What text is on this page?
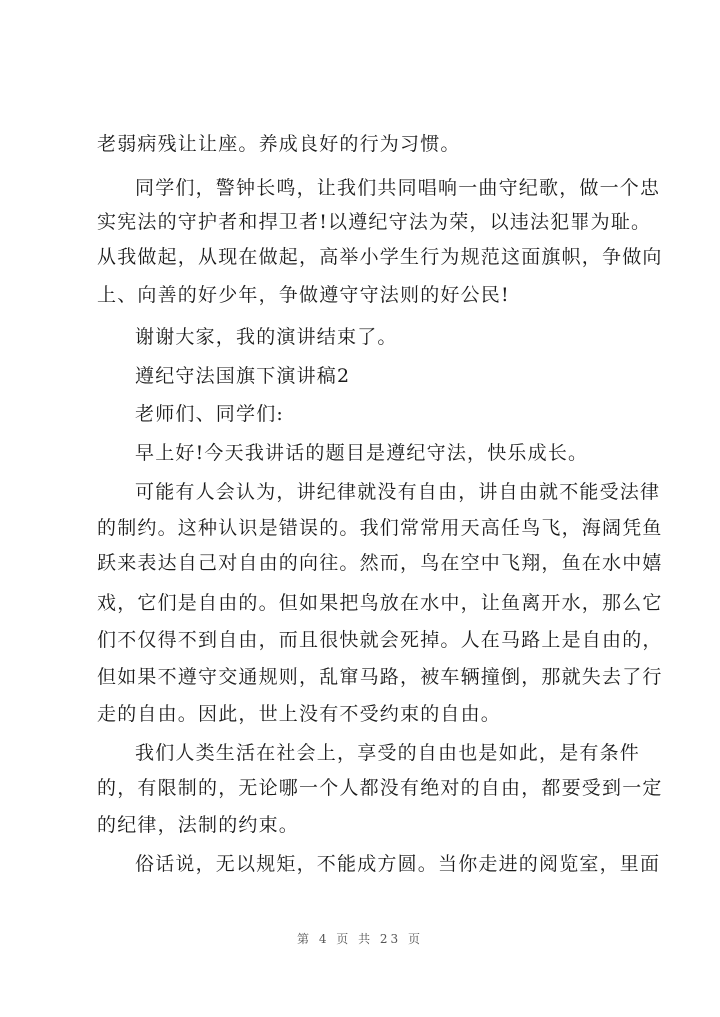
老弱病残让让座。养成良好的行为习惯。
同学们，警钟长鸣，让我们共同唱响一曲守纪歌，做一个忠
实宪法的守护者和捍卫者!以遵纪守法为荣，以违法犯罪为耻。
从我做起，从现在做起，高举小学生行为规范这面旗帜，争做向
上、向善的好少年，争做遵守守法则的好公民!
谢谢大家，我的演讲结束了。
遵纪守法国旗下演讲稿2
老师们、同学们:
早上好!今天我讲话的题目是遵纪守法，快乐成长。
可能有人会认为，讲纪律就没有自由，讲自由就不能受法律
的制约。这种认识是错误的。我们常常用天高任鸟飞，海阔凭鱼
跃来表达自己对自由的向往。然而，鸟在空中飞翔，鱼在水中嬉
戏，它们是自由的。但如果把鸟放在水中，让鱼离开水，那么它
们不仅得不到自由，而且很快就会死掉。人在马路上是自由的，
但如果不遵守交通规则，乱窜马路，被车辆撞倒，那就失去了行
走的自由。因此，世上没有不受约束的自由。
我们人类生活在社会上，享受的自由也是如此，是有条件
的，有限制的，无论哪一个人都没有绝对的自由，都要受到一定
的纪律，法制的约束。
俗话说，无以规矩，不能成方圆。当你走进的阅览室，里面
第 4 页 共 23 页
